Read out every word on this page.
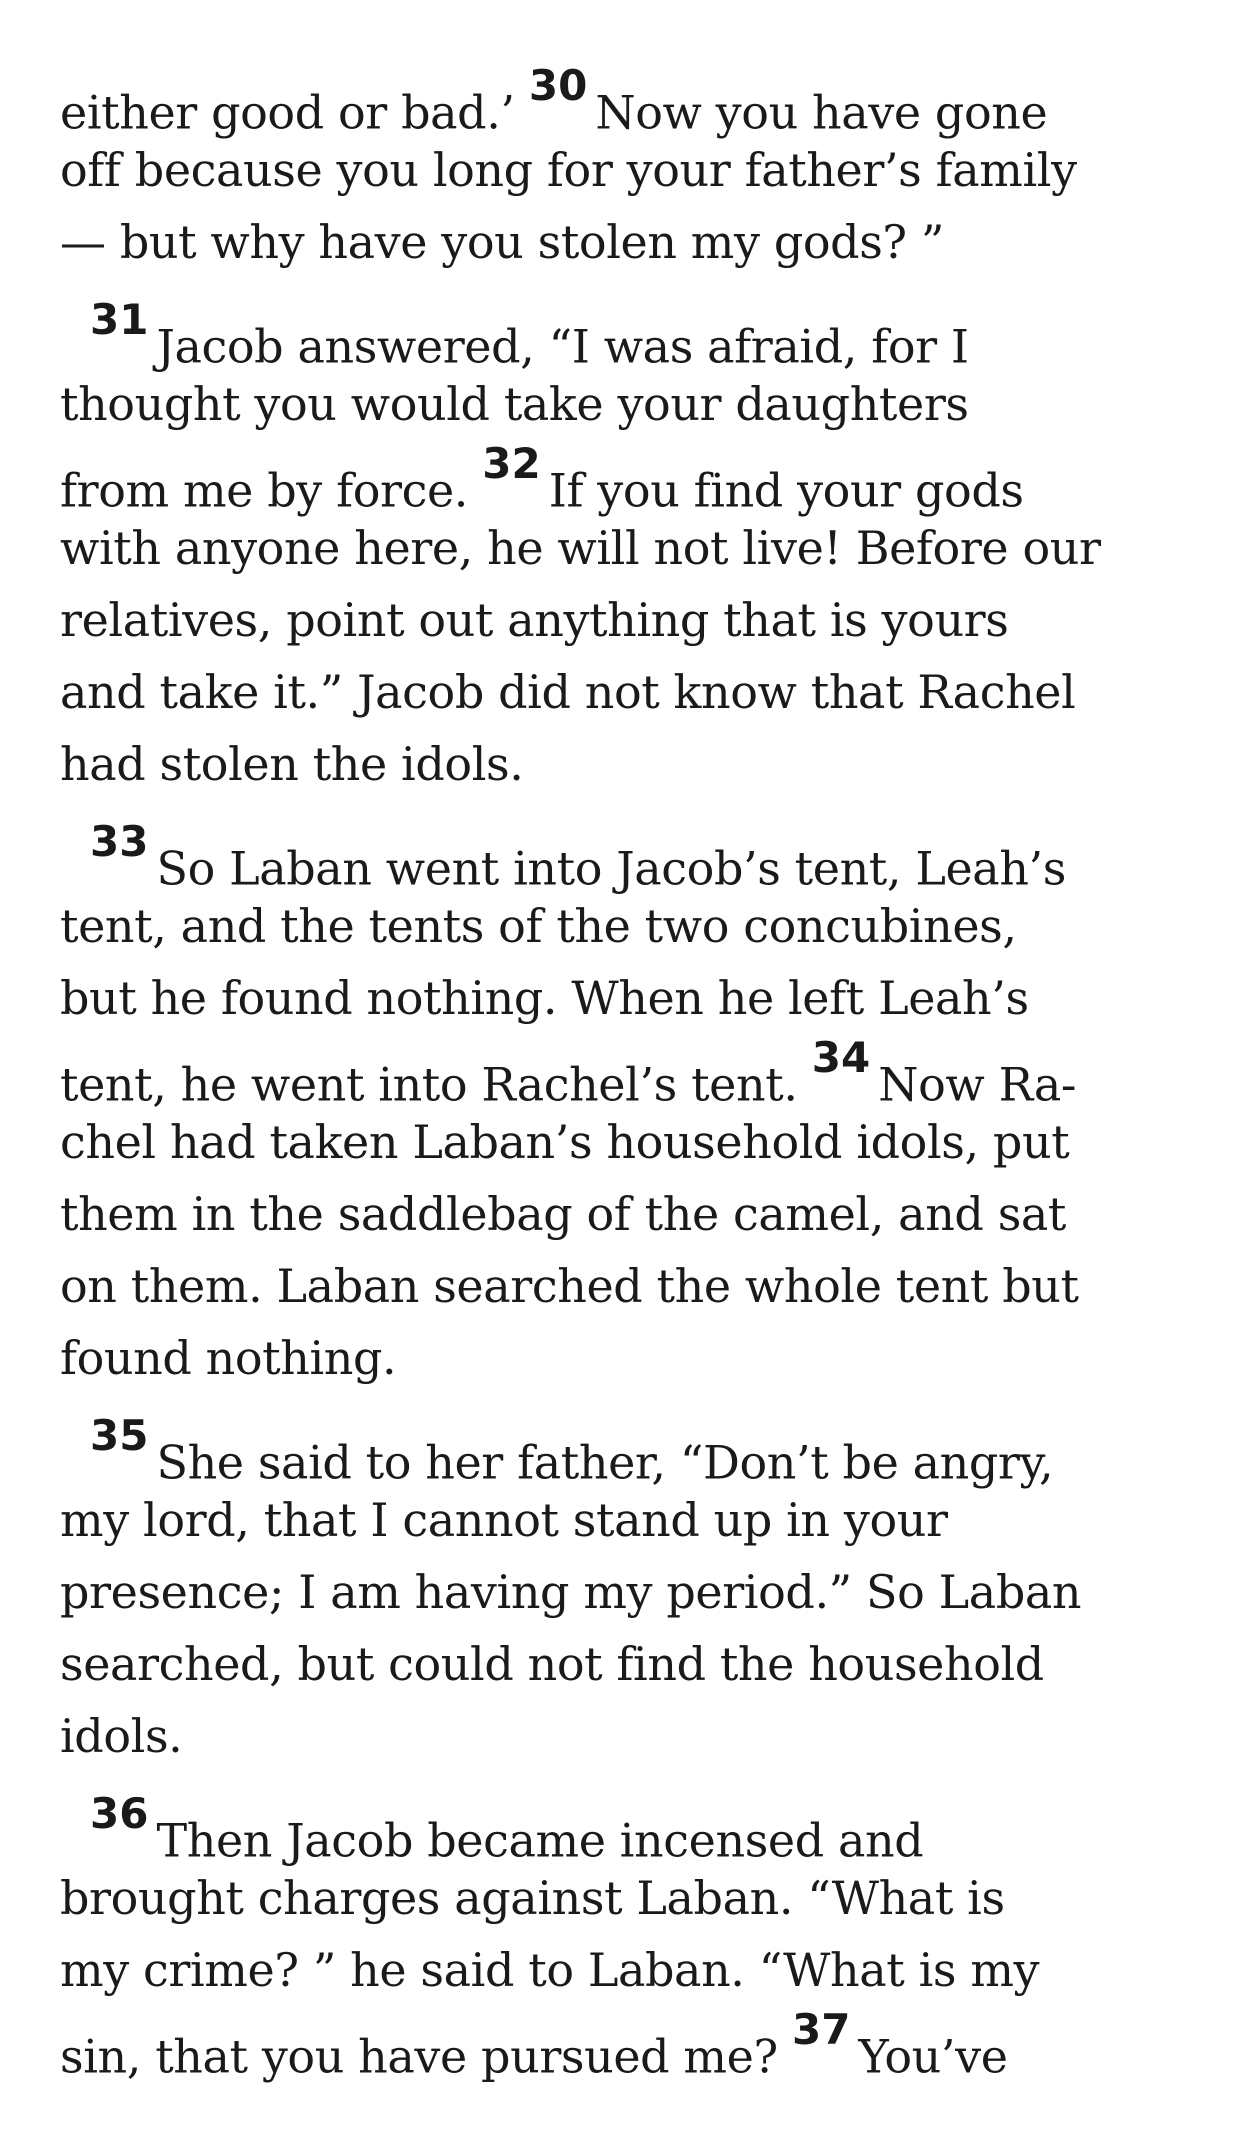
either good or bad.’ $^{30}$ Now you have gone
off because you long for your father’s family
— but why have you stolen my gods? ”
$^{31}$ Jacob answered, “I was afraid, for I
thought you would take your daughters
from me by force. $^{32}$ If you find your gods
with anyone here, he will not live! Before our
relatives, point out anything that is yours
and take it.” Jacob did not know that Rachel
had stolen the idols.
$^{33}$ So Laban went into Jacob’s tent, Leah’s
tent, and the tents of the two concubines,
but he found nothing. When he left Leah’s
tent, he went into Rachel’s tent. $^{34}$ Now Ra-
chel had taken Laban’s household idols, put
them in the saddlebag of the camel, and sat
on them. Laban searched the whole tent but
found nothing.
$^{35}$ She said to her father, “Don’t be angry,
my lord, that I cannot stand up in your
presence; I am having my period.” So Laban
searched, but could not find the household
idols.
$^{36}$ Then Jacob became incensed and
brought charges against Laban. “What is
my crime? ” he said to Laban. “What is my
sin, that you have pursued me? $^{37}$ You’ve
